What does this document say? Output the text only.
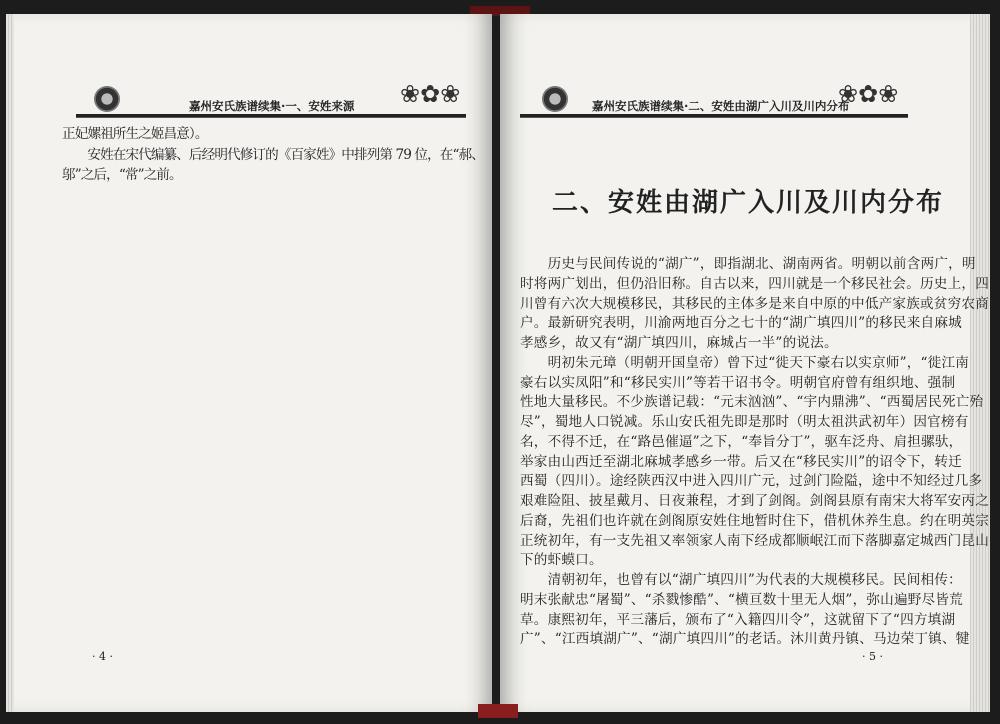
嘉州安氏族谱续集·一、安姓来源 ❀✿❀
正妃嫘祖所生之姬昌意）。
　　安姓在宋代编纂、后经明代修订的《百家姓》中排列第 79 位，在“郝、
邬”之后，“常”之前。
· 4 ·
嘉州安氏族谱续集·二、安姓由湖广入川及川内分布
❀✿❀
二、安姓由湖广入川及川内分布
　　历史与民间传说的“湖广”，即指湖北、湖南两省。明朝以前含两广，明
时将两广划出，但仍沿旧称。自古以来，四川就是一个移民社会。历史上，四
川曾有六次大规模移民，其移民的主体多是来自中原的中低产家族或贫穷农商
户。最新研究表明，川渝两地百分之七十的“湖广填四川”的移民来自麻城
孝感乡，故又有“湖广填四川，麻城占一半”的说法。
　　明初朱元璋（明朝开国皇帝）曾下过“徙天下豪右以实京师”，“徙江南
豪右以实凤阳”和“移民实川”等若干诏书令。明朝官府曾有组织地、强制
性地大量移民。不少族谱记载：“元末汹汹”、“宇内鼎沸”、“西蜀居民死亡殆
尽”，蜀地人口锐减。乐山安氏祖先即是那时（明太祖洪武初年）因官榜有
名，不得不迁，在“路邑催逼”之下，“奉旨分丁”，驱车泛舟、肩担骡驮，
举家由山西迁至湖北麻城孝感乡一带。后又在“移民实川”的诏令下，转迁
西蜀（四川）。途经陕西汉中进入四川广元，过剑门险隘，途中不知经过几多
艰难险阻、披星戴月、日夜兼程，才到了剑阁。剑阁县原有南宋大将军安丙之
后裔，先祖们也许就在剑阁原安姓住地暂时住下，借机休养生息。约在明英宗
正统初年，有一支先祖又率领家人南下经成都顺岷江而下落脚嘉定城西门昆山
下的虾蟆口。
　　清朝初年，也曾有以“湖广填四川”为代表的大规模移民。民间相传：
明末张献忠“屠蜀”、“杀戮惨酷”、“横亘数十里无人烟”，弥山遍野尽皆荒
草。康熙初年，平三藩后，颁布了“入籍四川令”，这就留下了“四方填湖
广”、“江西填湖广”、“湖广填四川”的老话。沐川黄丹镇、马边荣丁镇、犍
· 5 ·
